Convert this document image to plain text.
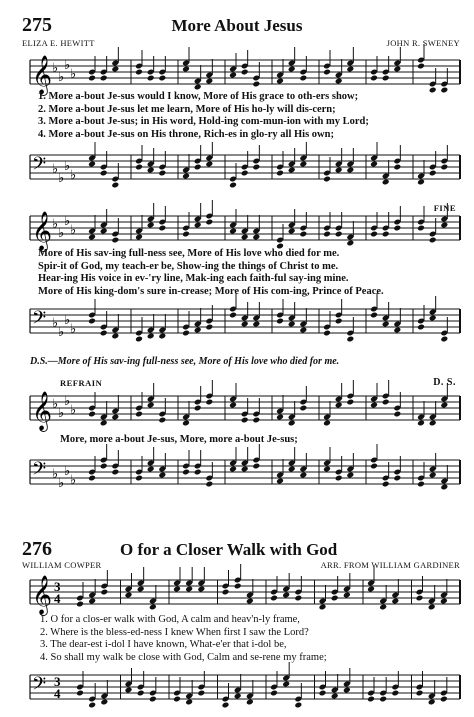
275	More About Jesus
ELIZA E. HEWITT	JOHN R. SWENEY
𝄞 ♭
♭
♭
♭
1. More a-bout Je-sus would I know, More of His grace to oth-ers show;
2. More a-bout Je-sus let me learn, More of His ho-ly will dis-cern;
3. More a-bout Je-sus; in His word, Hold-ing com-mun-ion with my Lord;
4. More a-bout Je-sus on His throne, Rich-es in glo-ry all His own;
𝄢 ♭
♭
♭
♭
FINE
𝄞 ♭
♭
♭
♭
More of His sav-ing full-ness see, More of His love who died for me.
Spir-it of God, my teach-er be, Show-ing the things of Christ to me.
Hear-ing His voice in ev-'ry line, Mak-ing each faith-ful say-ing mine.
More of His king-dom's sure in-crease; More of His com-ing, Prince of Peace.
𝄢 ♭
♭
♭
♭
D.S.—More of His sav-ing full-ness see, More of His love who died for me.
REFRAIN	D. S.
𝄞 ♭
♭
♭
♭
More, more a-bout Je-sus, More, more a-bout Je-sus;
𝄢 ♭
♭
♭
♭
276	O for a Closer Walk with God
WILLIAM COWPER	ARR. FROM WILLIAM GARDINER
𝄞 3
4
1. O for a clos-er walk with God, A calm and heav'n-ly frame,
2. Where is the bless-ed-ness I knew When first I saw the Lord?
3. The dear-est i-dol I have known, What-e'er that i-dol be,
4. So shall my walk be close with God, Calm and se-rene my frame;
𝄢 3
4
